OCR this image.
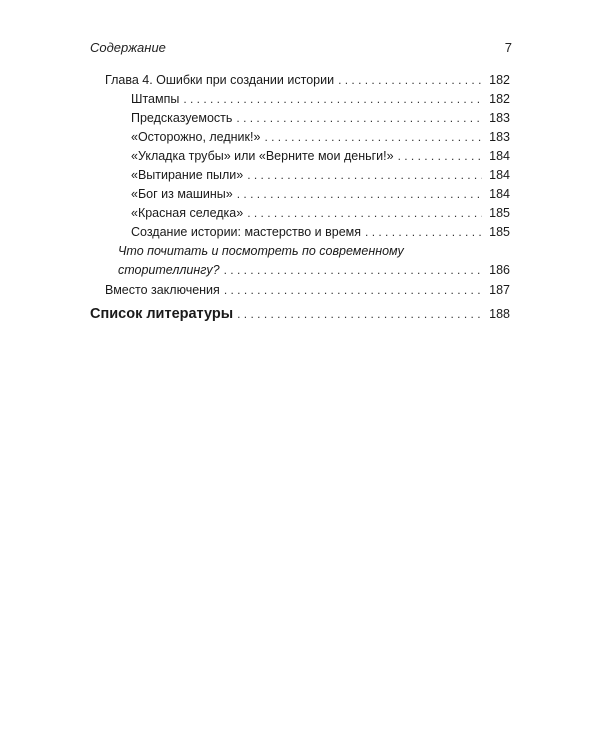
Содержание	7
Глава 4. Ошибки при создании истории . . .	182
Штампы . . .	182
Предсказуемость . . .	183
«Осторожно, ледник!» . . .	183
«Укладка трубы» или «Верните мои деньги!» . . .	184
«Вытирание пыли» . . .	184
«Бог из машины» . . .	184
«Красная селедка» . . .	185
Создание истории: мастерство и время . . .	185
Что почитать и посмотреть по современному
сторителлингу? . . .	186
Вместо заключения . . .	187
Список литературы . . .	188
